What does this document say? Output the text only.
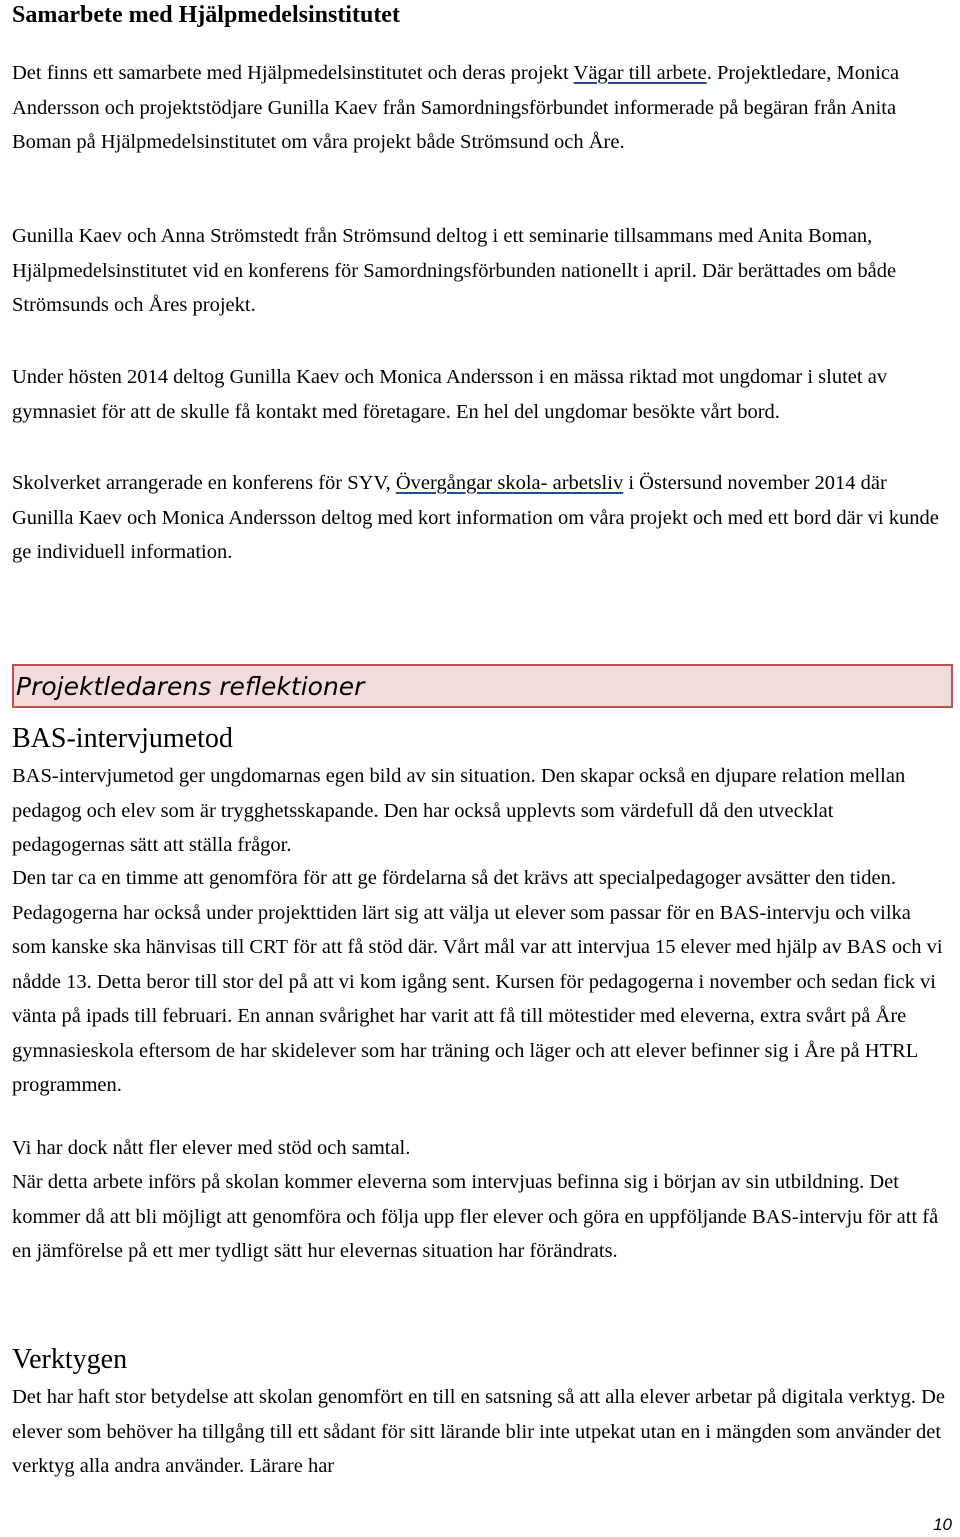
Samarbete med Hjälpmedelsinstitutet

Det finns ett samarbete med Hjälpmedelsinstitutet och deras projekt Vägar till arbete. Projektledare, Monica Andersson och projektstödjare Gunilla Kaev från Samordningsförbundet informerade på begäran från Anita Boman på Hjälpmedelsinstitutet om våra projekt både Strömsund och Åre.

Gunilla Kaev och Anna Strömstedt från Strömsund deltog i ett seminarie tillsammans med Anita Boman, Hjälpmedelsinstitutet vid en konferens för Samordningsförbunden nationellt i april. Där berättades om både Strömsunds och Åres projekt.

Under hösten 2014 deltog Gunilla Kaev och Monica Andersson i en mässa riktad mot ungdomar i slutet av gymnasiet för att de skulle få kontakt med företagare. En hel del ungdomar besökte vårt bord.

Skolverket arrangerade en konferens för SYV, Övergångar skola- arbetsliv i Östersund november 2014 där Gunilla Kaev och Monica Andersson deltog med kort information om våra projekt och med ett bord där vi kunde ge individuell information.

Projektledarens reflektioner
BAS-intervjumetod

BAS-intervjumetod ger ungdomarnas egen bild av sin situation. Den skapar också en djupare relation mellan pedagog och elev som är trygghetsskapande. Den har också upplevts som värdefull då den utvecklat pedagogernas sätt att ställa frågor.

Den tar ca en timme att genomföra för att ge fördelarna så det krävs att specialpedagoger avsätter den tiden. Pedagogerna har också under projekttiden lärt sig att välja ut elever som passar för en BAS-intervju och vilka som kanske ska hänvisas till CRT för att få stöd där. Vårt mål var att intervjua 15 elever med hjälp av BAS och vi nådde 13. Detta beror till stor del på att vi kom igång sent. Kursen för pedagogerna i november och sedan fick vi vänta på ipads till februari. En annan svårighet har varit att få till mötestider med eleverna, extra svårt på Åre gymnasieskola eftersom de har skidelever som har träning och läger och att elever befinner sig i Åre på HTRL programmen.

Vi har dock nått fler elever med stöd och samtal.

När detta arbete införs på skolan kommer eleverna som intervjuas befinna sig i början av sin utbildning. Det kommer då att bli möjligt att genomföra och följa upp fler elever och göra en uppföljande BAS-intervju för att få en jämförelse på ett mer tydligt sätt hur elevernas situation har förändrats.

Verktygen

Det har haft stor betydelse att skolan genomfört en till en satsning så att alla elever arbetar på digitala verktyg. De elever som behöver ha tillgång till ett sådant för sitt lärande blir inte utpekat utan en i mängden som använder det verktyg alla andra använder. Lärare har

10
